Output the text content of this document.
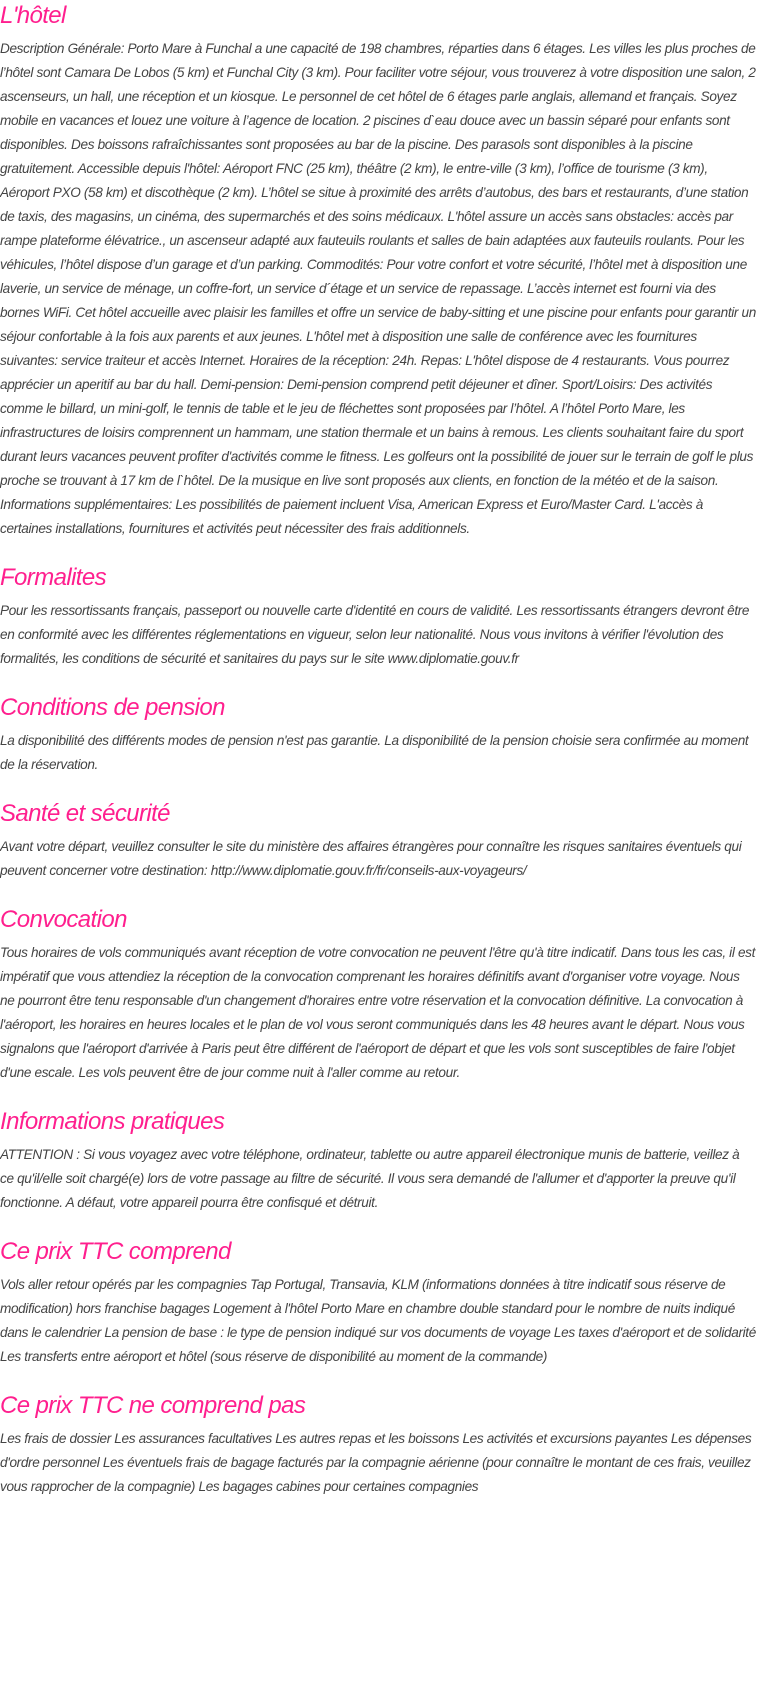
L'hôtel

Description Générale: Porto Mare à Funchal a une capacité de 198 chambres, réparties dans 6 étages. Les villes les plus proches de l’hôtel sont Camara De Lobos (5 km) et Funchal City (3 km). Pour faciliter votre séjour, vous trouverez à votre disposition une salon, 2 ascenseurs, un hall, une réception et un kiosque. Le personnel de cet hôtel de 6 étages parle anglais, allemand et français. Soyez mobile en vacances et louez une voiture à l’agence de location. 2 piscines d`eau douce avec un bassin séparé pour enfants sont disponibles. Des boissons rafraîchissantes sont proposées au bar de la piscine. Des parasols sont disponibles à la piscine gratuitement. Accessible depuis l'hôtel: Aéroport FNC (25 km), théâtre (2 km), le entre-ville (3 km), l’office de tourisme (3 km), Aéroport PXO (58 km) et discothèque (2 km). L’hôtel se situe à proximité des arrêts d’autobus, des bars et restaurants, d’une station de taxis, des magasins, un cinéma, des supermarchés et des soins médicaux. L'hôtel assure un accès sans obstacles: accès par rampe plateforme élévatrice., un ascenseur adapté aux fauteuils roulants et salles de bain adaptées aux fauteuils roulants. Pour les véhicules, l’hôtel dispose d’un garage et d’un parking. Commodités: Pour votre confort et votre sécurité, l’hôtel met à disposition une laverie, un service de ménage, un coffre-fort, un service d´étage et un service de repassage. L’accès internet est fourni via des bornes WiFi. Cet hôtel accueille avec plaisir les familles et offre un service de baby-sitting et une piscine pour enfants pour garantir un séjour confortable à la fois aux parents et aux jeunes. L'hôtel met à disposition une salle de conférence avec les fournitures suivantes: service traiteur et accès Internet. Horaires de la réception: 24h. Repas: L'hôtel dispose de 4 restaurants. Vous pourrez apprécier un aperitif au bar du hall. Demi-pension: Demi-pension comprend petit déjeuner et dîner. Sport/Loisirs: Des activités comme le billard, un mini-golf, le tennis de table et le jeu de fléchettes sont proposées par l’hôtel. A l’hôtel Porto Mare, les infrastructures de loisirs comprennent un hammam, une station thermale et un bains à remous. Les clients souhaitant faire du sport durant leurs vacances peuvent profiter d'activités comme le fitness. Les golfeurs ont la possibilité de jouer sur le terrain de golf le plus proche se trouvant à 17 km de l`hôtel. De la musique en live sont proposés aux clients, en fonction de la météo et de la saison. Informations supplémentaires: Les possibilités de paiement incluent Visa, American Express et Euro/Master Card. L'accès à certaines installations, fournitures et activités peut nécessiter des frais additionnels.

Formalites

Pour les ressortissants français, passeport ou nouvelle carte d'identité en cours de validité. Les ressortissants étrangers devront être en conformité avec les différentes réglementations en vigueur, selon leur nationalité. Nous vous invitons à vérifier l'évolution des formalités, les conditions de sécurité et sanitaires du pays sur le site www.diplomatie.gouv.fr

Conditions de pension

La disponibilité des différents modes de pension n'est pas garantie. La disponibilité de la pension choisie sera confirmée au moment de la réservation.

Santé et sécurité

Avant votre départ, veuillez consulter le site du ministère des affaires étrangères pour connaître les risques sanitaires éventuels qui peuvent concerner votre destination: http://www.diplomatie.gouv.fr/fr/conseils-aux-voyageurs/

Convocation

Tous horaires de vols communiqués avant réception de votre convocation ne peuvent l'être qu'à titre indicatif. Dans tous les cas, il est impératif que vous attendiez la réception de la convocation comprenant les horaires définitifs avant d'organiser votre voyage. Nous ne pourront être tenu responsable d'un changement d'horaires entre votre réservation et la convocation définitive. La convocation à l'aéroport, les horaires en heures locales et le plan de vol vous seront communiqués dans les 48 heures avant le départ. Nous vous signalons que l'aéroport d'arrivée à Paris peut être différent de l'aéroport de départ et que les vols sont susceptibles de faire l'objet d'une escale. Les vols peuvent être de jour comme nuit à l'aller comme au retour.

Informations pratiques

ATTENTION : Si vous voyagez avec votre téléphone, ordinateur, tablette ou autre appareil électronique munis de batterie, veillez à ce qu'il/elle soit chargé(e) lors de votre passage au filtre de sécurité. Il vous sera demandé de l'allumer et d'apporter la preuve qu'il fonctionne. A défaut, votre appareil pourra être confisqué et détruit.

Ce prix TTC comprend

Vols aller retour opérés par les compagnies Tap Portugal, Transavia, KLM (informations données à titre indicatif sous réserve de modification) hors franchise bagages Logement à l'hôtel Porto Mare en chambre double standard pour le nombre de nuits indiqué dans le calendrier La pension de base : le type de pension indiqué sur vos documents de voyage Les taxes d'aéroport et de solidarité Les transferts entre aéroport et hôtel (sous réserve de disponibilité au moment de la commande)

Ce prix TTC ne comprend pas

Les frais de dossier Les assurances facultatives Les autres repas et les boissons Les activités et excursions payantes Les dépenses d'ordre personnel Les éventuels frais de bagage facturés par la compagnie aérienne (pour connaître le montant de ces frais, veuillez vous rapprocher de la compagnie) Les bagages cabines pour certaines compagnies
